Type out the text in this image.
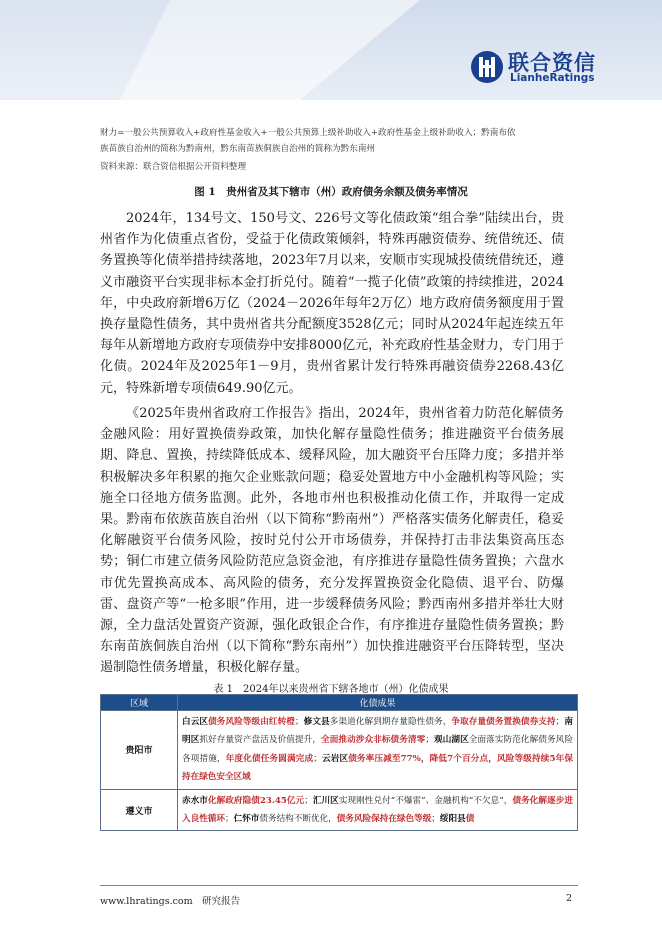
联合资信
LianheRatings
财力=一般公共预算收入+政府性基金收入+一般公共预算上级补助收入+政府性基金上级补助收入；黔南布依
族苗族自治州的简称为黔南州，黔东南苗族侗族自治州的简称为黔东南州
资料来源：联合资信根据公开资料整理
图 1　贵州省及其下辖市（州）政府债务余额及债务率情况

2024年，134号文、150号文、226号文等化债政策“组合拳”陆续出台，贵州省作为化债重点省份，受益于化债政策倾斜，特殊再融资债券、统借统还、债务置换等化债举措持续落地，2023年7月以来，安顺市实现城投债统借统还，遵义市融资平台实现非标本金打折兑付。随着“一揽子化债”政策的持续推进，2024年，中央政府新增6万亿（2024－2026年每年2万亿）地方政府债务额度用于置换存量隐性债务，其中贵州省共分配额度3528亿元；同时从2024年起连续五年每年从新增地方政府专项债券中安排8000亿元，补充政府性基金财力，专门用于化债。2024年及2025年1－9月，贵州省累计发行特殊再融资债券2268.43亿元，特殊新增专项债649.90亿元。

《2025年贵州省政府工作报告》指出，2024年，贵州省着力防范化解债务金融风险：用好置换债券政策，加快化解存量隐性债务；推进融资平台债务展期、降息、置换，持续降低成本、缓释风险，加大融资平台压降力度；多措并举积极解决多年积累的拖欠企业账款问题；稳妥处置地方中小金融机构等风险；实施全口径地方债务监测。此外，各地市州也积极推动化债工作，并取得一定成果。黔南布依族苗族自治州（以下简称“黔南州”）严格落实债务化解责任，稳妥化解融资平台债务风险，按时兑付公开市场债券，并保持打击非法集资高压态势；铜仁市建立债务风险防范应急资金池，有序推进存量隐性债务置换；六盘水市优先置换高成本、高风险的债务，充分发挥置换资金化隐债、退平台、防爆雷、盘资产等“一枪多眼”作用，进一步缓释债务风险；黔西南州多措并举壮大财源，全力盘活处置资产资源，强化政银企合作，有序推进存量隐性债务置换；黔东南苗族侗族自治州（以下简称“黔东南州”）加快推进融资平台压降转型，坚决遏制隐性债务增量，积极化解存量。

表 1　2024年以来贵州省下辖各地市（州）化债成果
区域	化债成果
贵阳市	白云区债务风险等级由红转橙；修文县多渠道化解到期存量隐性债务，争取存量债务置换债券支持；南明区抓好存量资产盘活及价值提升，全面推动涉众非标债务清零；观山湖区全面落实防范化解债务风险各项措施，年度化债任务圆满完成；云岩区债务率压减至77%，降低7个百分点，风险等级持续5年保持在绿色安全区域
遵义市	赤水市化解政府隐债23.45亿元；汇川区实现刚性兑付“不爆雷”、金融机构“不欠息”，债务化解逐步进入良性循环；仁怀市债务结构不断优化，债务风险保持在绿色等级；绥阳县债
www.lhratings.com　研究报告	2
